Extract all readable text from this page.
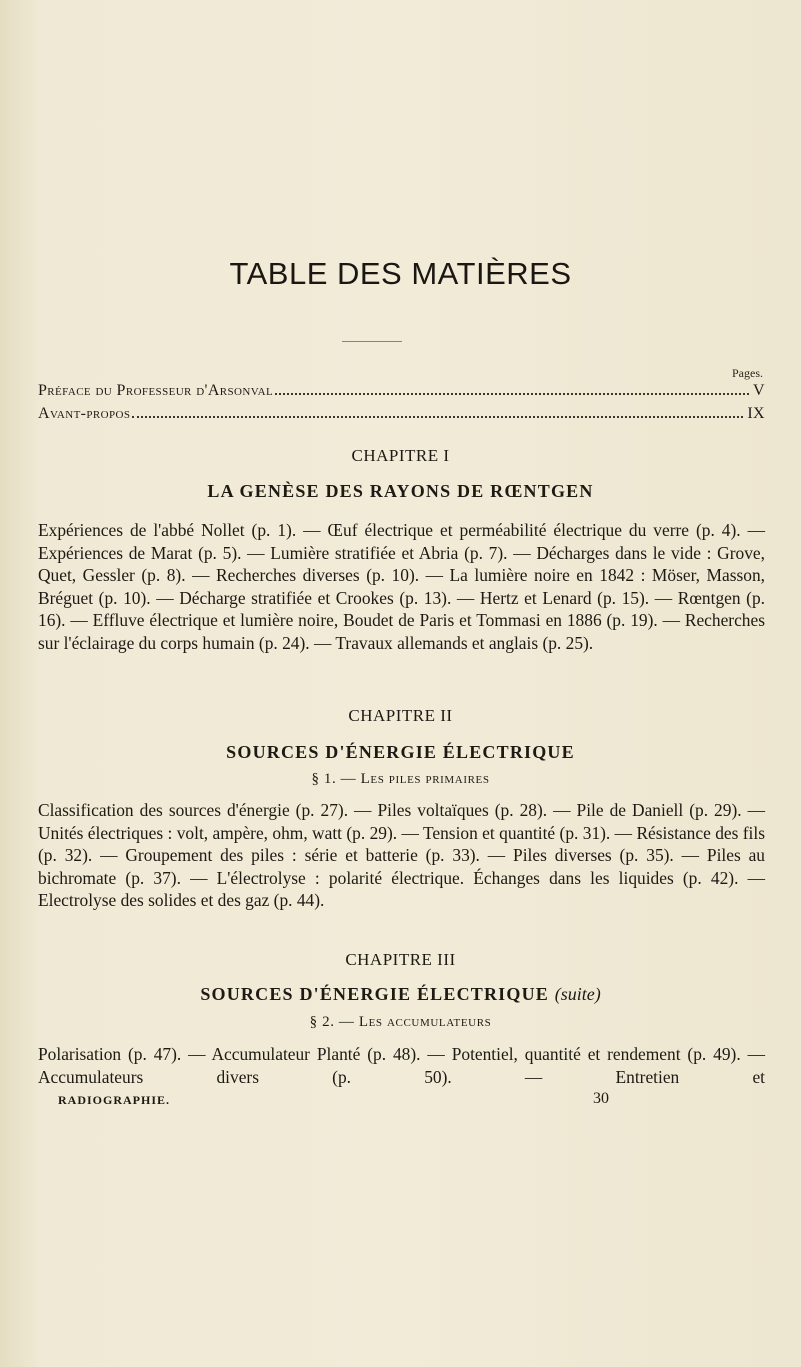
TABLE DES MATIÈRES
Pages.
Préface du Professeur d'Arsonval	V
Avant-propos	IX
CHAPITRE I
LA GENÈSE DES RAYONS DE RŒNTGEN
Expériences de l'abbé Nollet (p. 1). — Œuf électrique et perméabilité électrique du verre (p. 4). — Expériences de Marat (p. 5). — Lumière stratifiée et Abria (p. 7). — Décharges dans le vide : Grove, Quet, Gessler (p. 8). — Recherches diverses (p. 10). — La lumière noire en 1842 : Möser, Masson, Bréguet (p. 10). — Décharge stratifiée et Crookes (p. 13). — Hertz et Lenard (p. 15). — Rœntgen (p. 16). — Effluve électrique et lumière noire, Boudet de Paris et Tommasi en 1886 (p. 19). — Recherches sur l'éclairage du corps humain (p. 24). — Travaux allemands et anglais (p. 25).
CHAPITRE II
SOURCES D'ÉNERGIE ÉLECTRIQUE
§ 1. — Les piles primaires
Classification des sources d'énergie (p. 27). — Piles voltaïques (p. 28). — Pile de Daniell (p. 29). — Unités électriques : volt, ampère, ohm, watt (p. 29). — Tension et quantité (p. 31). — Résistance des fils (p. 32). — Groupement des piles : série et batterie (p. 33). — Piles diverses (p. 35). — Piles au bichromate (p. 37). — L'électrolyse : polarité électrique. Échanges dans les liquides (p. 42). — Electrolyse des solides et des gaz (p. 44).
CHAPITRE III
SOURCES D'ÉNERGIE ÉLECTRIQUE (suite)
§ 2. — Les accumulateurs
Polarisation (p. 47). — Accumulateur Planté (p. 48). — Potentiel, quantité et rendement (p. 49). — Accumulateurs divers (p. 50). — Entretien et
RADIOGRAPHIE.	30
